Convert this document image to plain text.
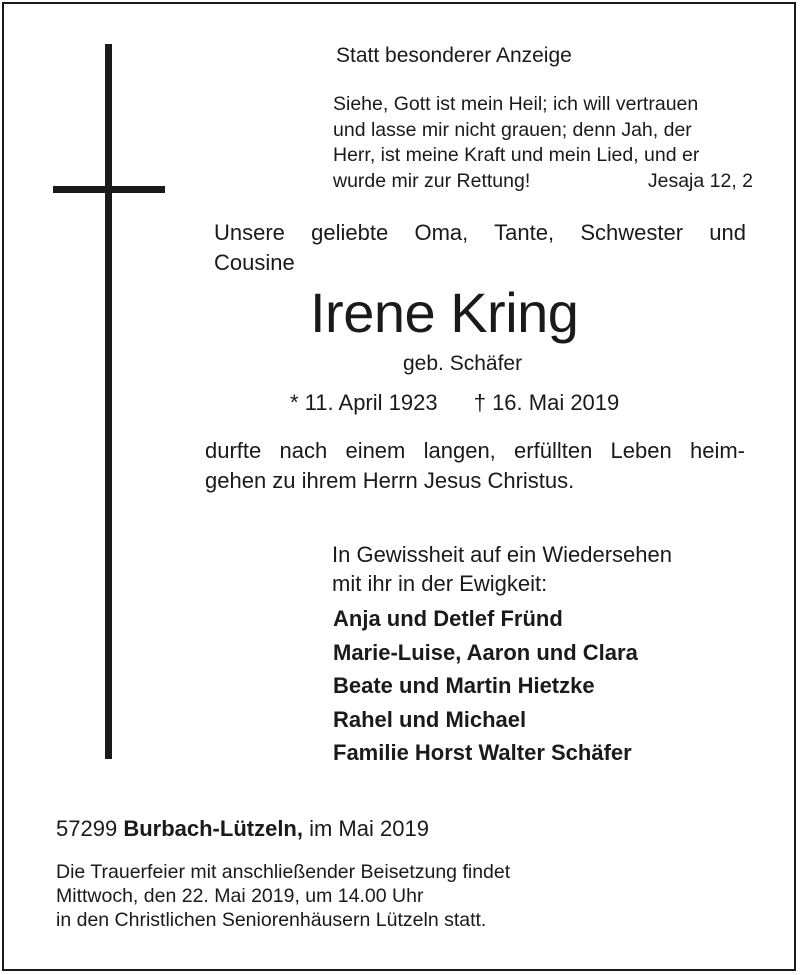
Statt besonderer Anzeige
Siehe, Gott ist mein Heil; ich will vertrauen
und lasse mir nicht grauen; denn Jah, der
Herr, ist meine Kraft und mein Lied, und er
wurde mir zur Rettung!	Jesaja 12, 2
Unsere geliebte Oma, Tante, Schwester und
Cousine
Irene Kring
geb. Schäfer
* 11. April 1923 † 16. Mai 2019
durfte nach einem langen, erfüllten Leben heim-
gehen zu ihrem Herrn Jesus Christus.
In Gewissheit auf ein Wiedersehen
mit ihr in der Ewigkeit:
Anja und Detlef Fründ
Marie-Luise, Aaron und Clara
Beate und Martin Hietzke
Rahel und Michael
Familie Horst Walter Schäfer
57299 Burbach-Lützeln, im Mai 2019
Die Trauerfeier mit anschließender Beisetzung findet
Mittwoch, den 22. Mai 2019, um 14.00 Uhr
in den Christlichen Seniorenhäusern Lützeln statt.
